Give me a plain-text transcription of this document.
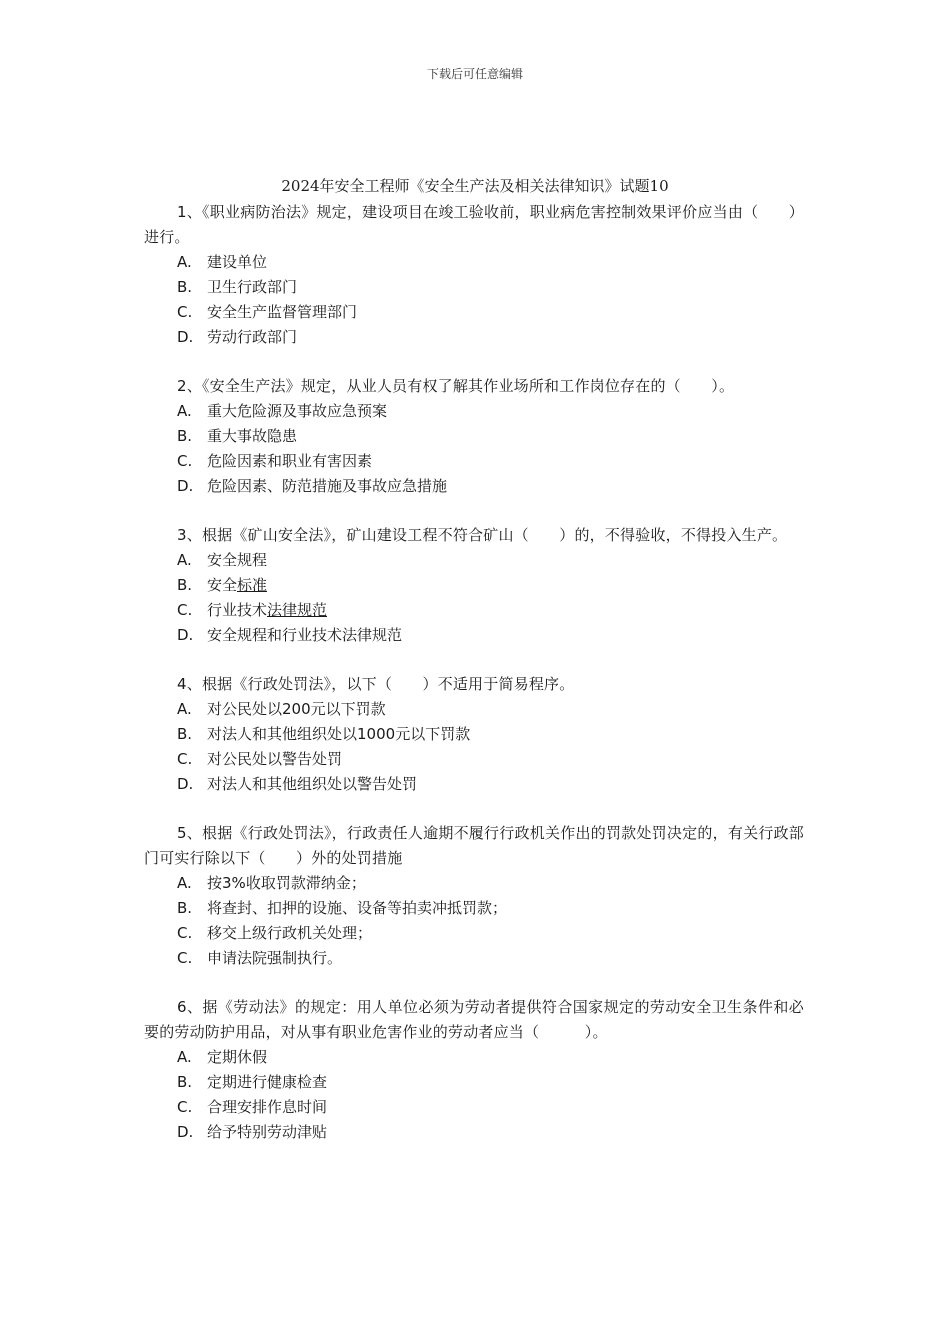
下载后可任意编辑
2024年安全工程师《安全生产法及相关法律知识》试题10

1、《职业病防治法》规定，建设项目在竣工验收前，职业病危害控制效果评价应当由（　　）进行。

A. 建设单位

B. 卫生行政部门

C. 安全生产监督管理部门

D. 劳动行政部门

2、《安全生产法》规定，从业人员有权了解其作业场所和工作岗位存在的（　　）。

A. 重大危险源及事故应急预案

B. 重大事故隐患

C. 危险因素和职业有害因素

D. 危险因素、防范措施及事故应急措施

3、根据《矿山安全法》，矿山建设工程不符合矿山（　　）的，不得验收，不得投入生产。

A. 安全规程

B. 安全标准

C. 行业技术法律规范

D. 安全规程和行业技术法律规范

4、根据《行政处罚法》，以下（　　）不适用于简易程序。

A. 对公民处以200元以下罚款

B. 对法人和其他组织处以1000元以下罚款

C. 对公民处以警告处罚

D. 对法人和其他组织处以警告处罚

5、根据《行政处罚法》，行政责任人逾期不履行行政机关作出的罚款处罚决定的，有关行政部门可实行除以下（　　）外的处罚措施

A. 按3%收取罚款滞纳金；

B. 将查封、扣押的设施、设备等拍卖冲抵罚款；

C. 移交上级行政机关处理；

C. 申请法院强制执行。

6、据《劳动法》的规定：用人单位必须为劳动者提供符合国家规定的劳动安全卫生条件和必要的劳动防护用品，对从事有职业危害作业的劳动者应当（　　　）。

A. 定期休假

B. 定期进行健康检查

C. 合理安排作息时间

D. 给予特别劳动津贴
